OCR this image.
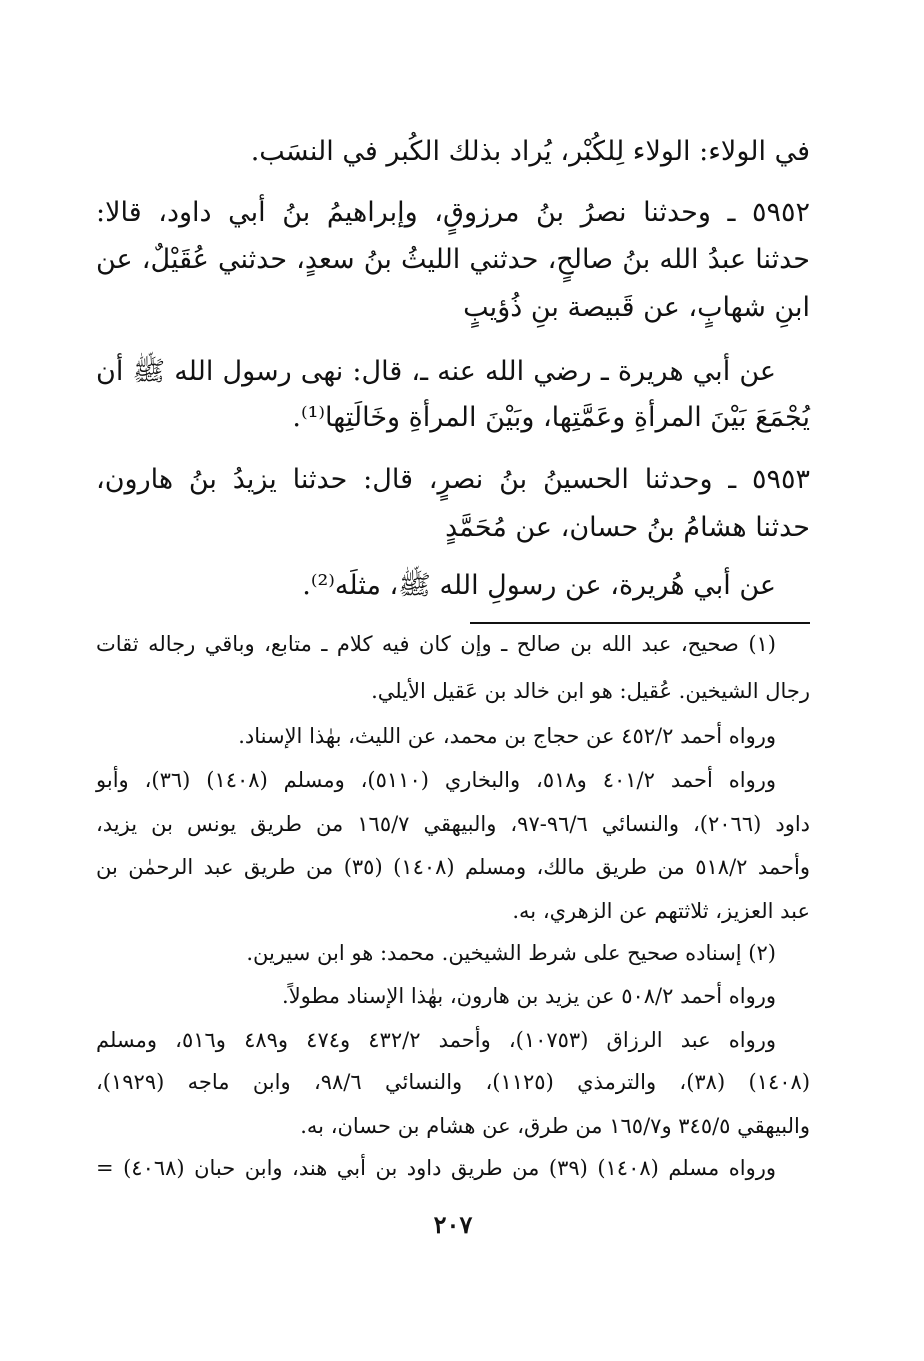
في الولاء: الولاء لِلكُبْر، يُراد بذلك الكُبر في النسَب.
٥٩٥٢ ـ وحدثنا نصرُ بنُ مرزوقٍ، وإبراهيمُ بنُ أبي داود، قالا:
حدثنا عبدُ الله بنُ صالحٍ، حدثني الليثُ بنُ سعدٍ، حدثني عُقَيْلٌ، عن
ابنِ شهابٍ، عن قَبيصة بنِ ذُؤيبٍ
عن أبي هريرة ـ رضي الله عنه ـ، قال: نهى رسول الله ﷺ أن
يُجْمَعَ بَيْنَ المرأةِ وعَمَّتِها، وبَيْنَ المرأةِ وخَالَتِها⁽¹⁾.
٥٩٥٣ ـ وحدثنا الحسينُ بنُ نصرٍ، قال: حدثنا يزيدُ بنُ هارون،
حدثنا هشامُ بنُ حسان، عن مُحَمَّدٍ
عن أبي هُريرة، عن رسولِ الله ﷺ، مثلَه⁽²⁾.
(١) صحيح، عبد الله بن صالح ـ وإن كان فيه كلام ـ متابع، وباقي رجاله ثقات
رجال الشيخين. عُقيل: هو ابن خالد بن عَقيل الأيلي.
ورواه أحمد ٤٥٢/٢ عن حجاج بن محمد، عن الليث، بهٰذا الإسناد.
ورواه أحمد ٤٠١/٢ و٥١٨، والبخاري (٥١١٠)، ومسلم (١٤٠٨) (٣٦)، وأبو
داود (٢٠٦٦)، والنسائي ٩٦/٦-٩٧، والبيهقي ١٦٥/٧ من طريق يونس بن يزيد،
وأحمد ٥١٨/٢ من طريق مالك، ومسلم (١٤٠٨) (٣٥) من طريق عبد الرحمٰن بن
عبد العزيز، ثلاثتهم عن الزهري، به.
(٢) إسناده صحيح على شرط الشيخين. محمد: هو ابن سيرين.
ورواه أحمد ٥٠٨/٢ عن يزيد بن هارون، بهٰذا الإسناد مطولاً.
ورواه عبد الرزاق (١٠٧٥٣)، وأحمد ٤٣٢/٢ و٤٧٤ و٤٨٩ و٥١٦، ومسلم
(١٤٠٨) (٣٨)، والترمذي (١١٢٥)، والنسائي ٩٨/٦، وابن ماجه (١٩٢٩)،
والبيهقي ٣٤٥/٥ و١٦٥/٧ من طرق، عن هشام بن حسان، به.
ورواه مسلم (١٤٠٨) (٣٩) من طريق داود بن أبي هند، وابن حبان (٤٠٦٨) =
٢٠٧
